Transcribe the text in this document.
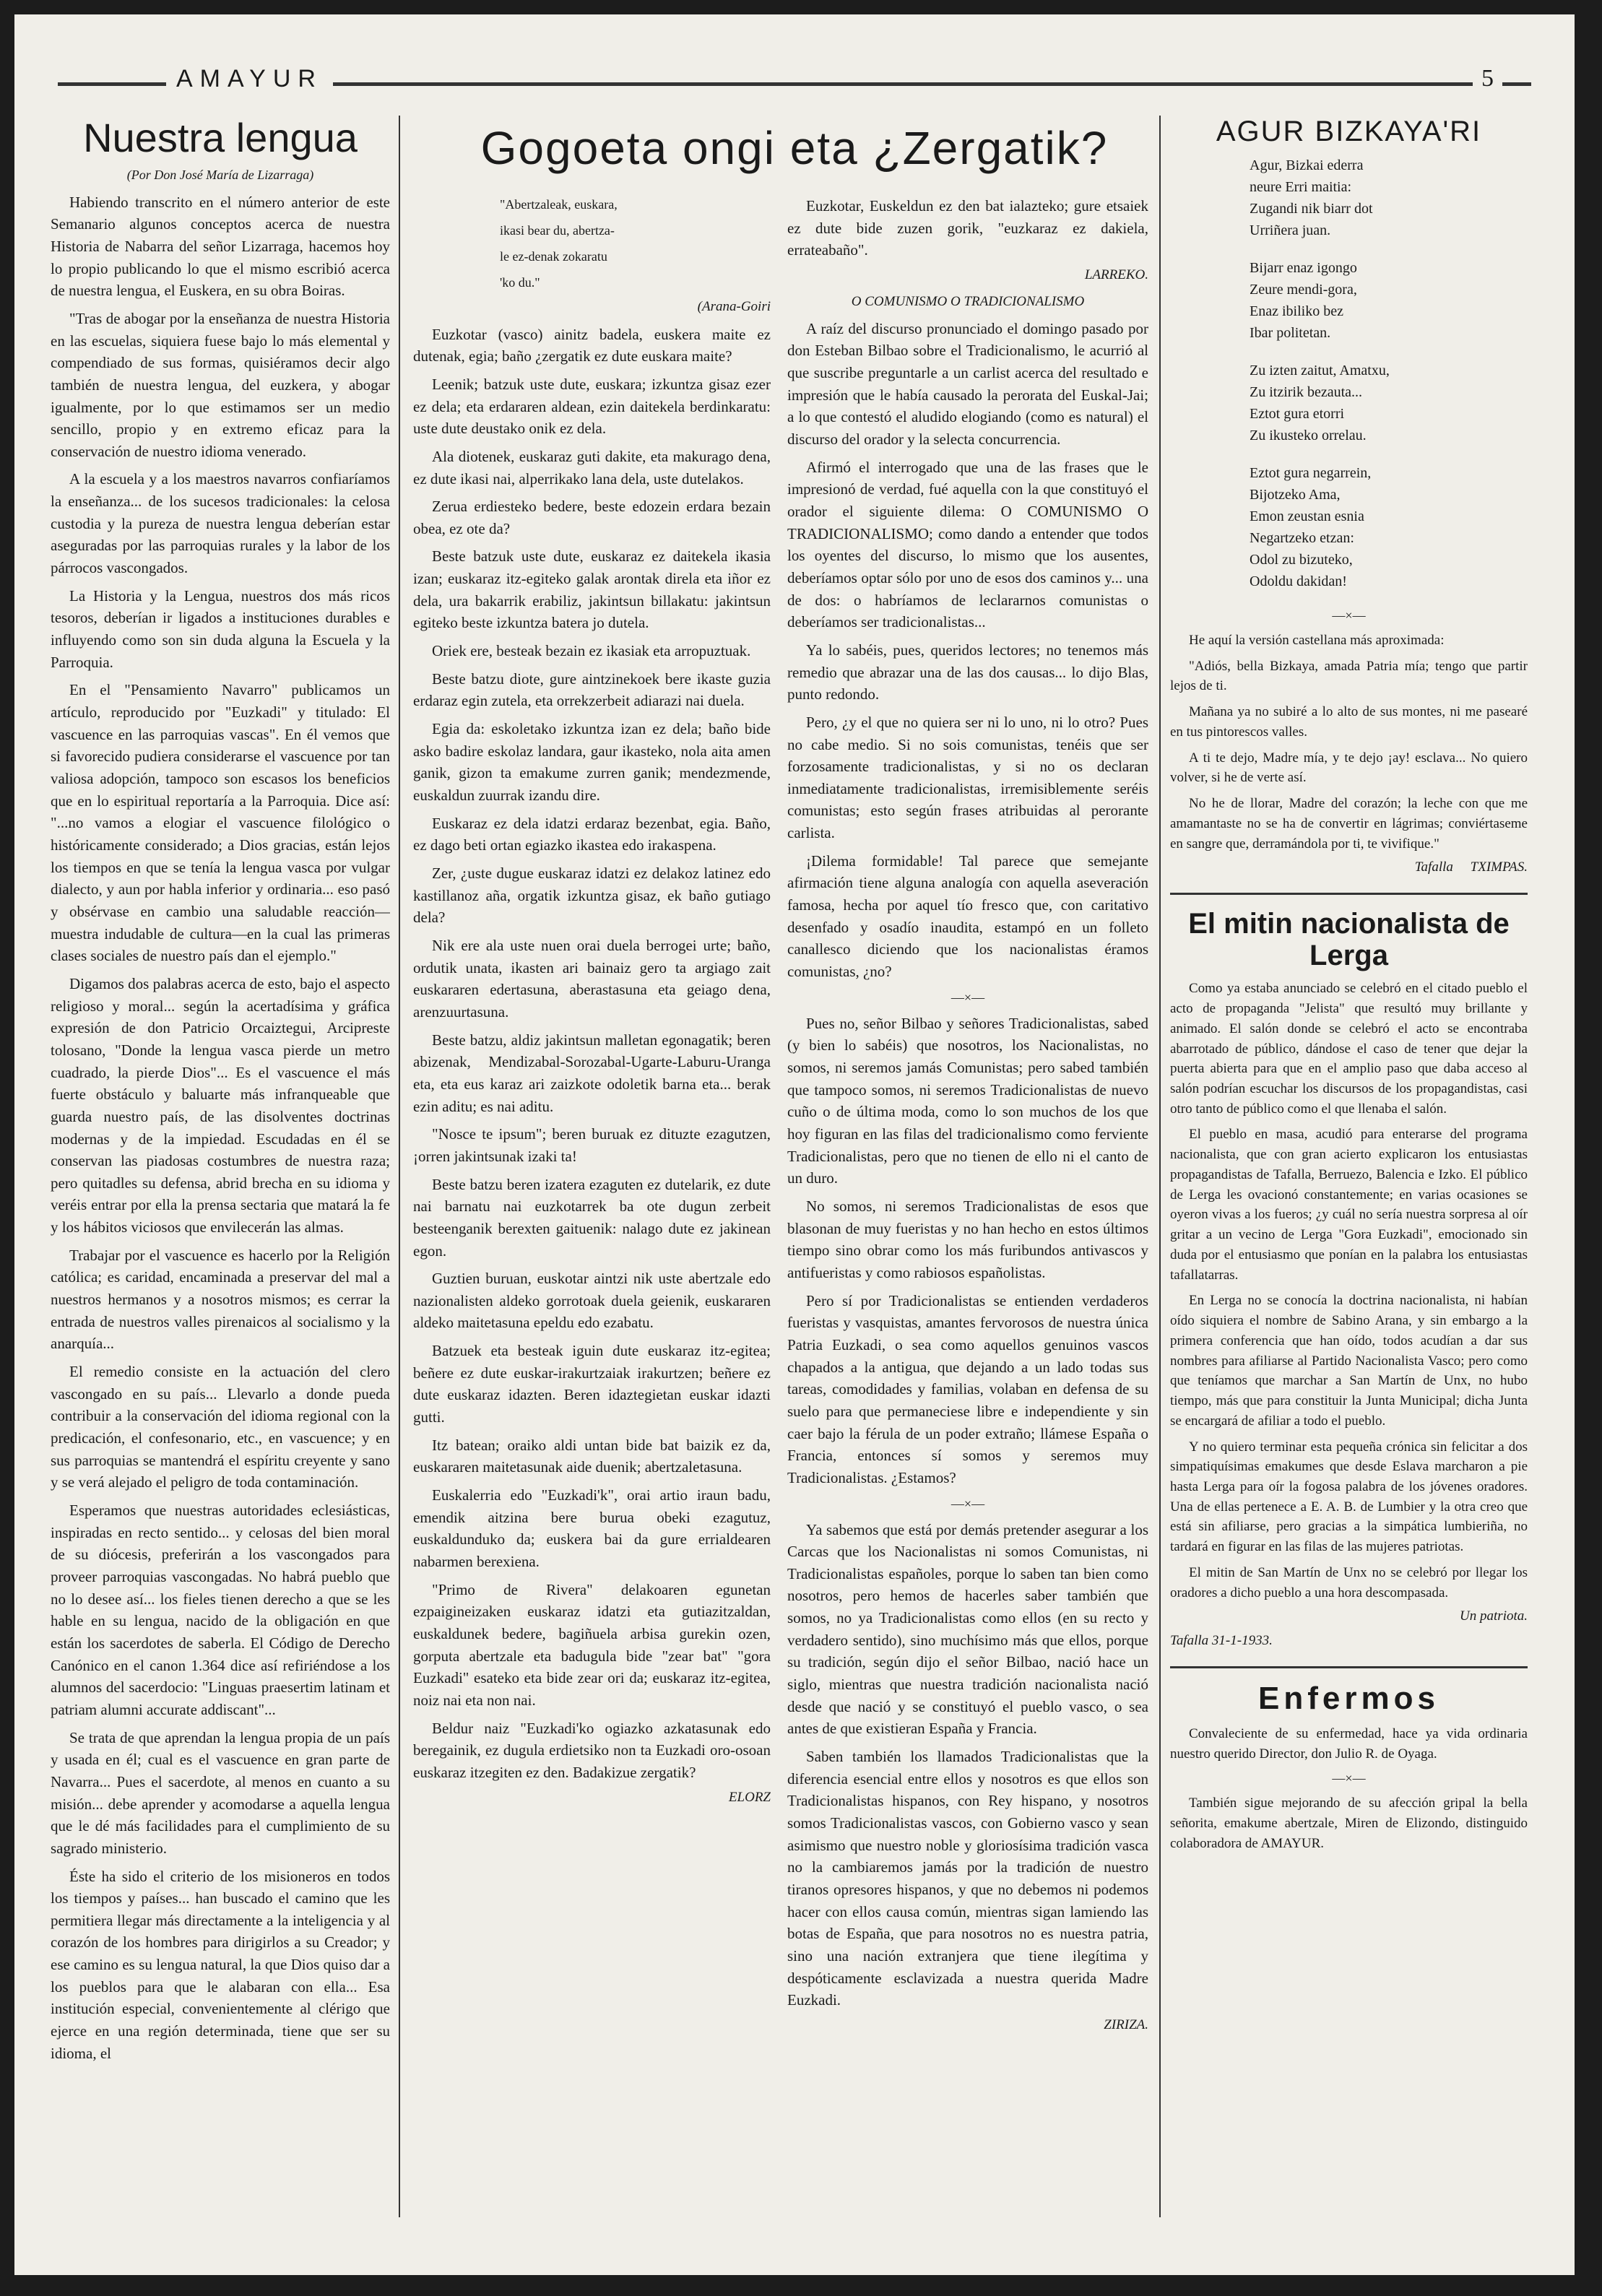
AMAYUR	5
Gogoeta ongi eta ¿Zergatik?
Nuestra lengua
(Por Don José María de Lizarraga)

Habiendo transcrito en el número anterior de este Semanario algunos conceptos acerca de nuestra Historia de Nabarra del señor Lizarraga, hacemos hoy lo propio publicando lo que el mismo escribió acerca de nuestra lengua, el Euskera, en su obra Boiras.

"Tras de abogar por la enseñanza de nuestra Historia en las escuelas, siquiera fuese bajo lo más elemental y compendiado de sus formas, quisiéramos decir algo también de nuestra lengua, del euzkera, y abogar igualmente, por lo que estimamos ser un medio sencillo, propio y en extremo eficaz para la conservación de nuestro idioma venerado.

A la escuela y a los maestros navarros confiaríamos la enseñanza... de los sucesos tradicionales: la celosa custodia y la pureza de nuestra lengua deberían estar aseguradas por las parroquias rurales y la labor de los párrocos vascongados.

La Historia y la Lengua, nuestros dos más ricos tesoros, deberían ir ligados a instituciones durables e influyendo como son sin duda alguna la Escuela y la Parroquia.

En el "Pensamiento Navarro" publicamos un artículo, reproducido por "Euzkadi" y titulado: El vascuence en las parroquias vascas". En él vemos que si favorecido pudiera considerarse el vascuence por tan valiosa adopción, tampoco son escasos los beneficios que en lo espiritual reportaría a la Parroquia. Dice así: "...no vamos a elogiar el vascuence filológico o históricamente considerado; a Dios gracias, están lejos los tiempos en que se tenía la lengua vasca por vulgar dialecto, y aun por habla inferior y ordinaria... eso pasó y obsérvase en cambio una saludable reacción—muestra indudable de cultura—en la cual las primeras clases sociales de nuestro país dan el ejemplo."

Digamos dos palabras acerca de esto, bajo el aspecto religioso y moral... según la acertadísima y gráfica expresión de don Patricio Orcaiztegui, Arcipreste tolosano, "Donde la lengua vasca pierde un metro cuadrado, la pierde Dios"... Es el vascuence el más fuerte obstáculo y baluarte más infranqueable que guarda nuestro país, de las disolventes doctrinas modernas y de la impiedad. Escudadas en él se conservan las piadosas costumbres de nuestra raza; pero quitadles su defensa, abrid brecha en su idioma y veréis entrar por ella la prensa sectaria que matará la fe y los hábitos viciosos que envilecerán las almas.

Trabajar por el vascuence es hacerlo por la Religión católica; es caridad, encaminada a preservar del mal a nuestros hermanos y a nosotros mismos; es cerrar la entrada de nuestros valles pirenaicos al socialismo y la anarquía...

El remedio consiste en la actuación del clero vascongado en su país... Llevarlo a donde pueda contribuir a la conservación del idioma regional con la predicación, el confesonario, etc., en vascuence; y en sus parroquias se mantendrá el espíritu creyente y sano y se verá alejado el peligro de toda contaminación.

Esperamos que nuestras autoridades eclesiásticas, inspiradas en recto sentido... y celosas del bien moral de su diócesis, preferirán a los vascongados para proveer parroquias vascongadas. No habrá pueblo que no lo desee así... los fieles tienen derecho a que se les hable en su lengua, nacido de la obligación en que están los sacerdotes de saberla. El Código de Derecho Canónico en el canon 1.364 dice así refiriéndose a los alumnos del sacerdocio: "Linguas praesertim latinam et patriam alumni accurate addiscant"...

Se trata de que aprendan la lengua propia de un país y usada en él; cual es el vascuence en gran parte de Navarra... Pues el sacerdote, al menos en cuanto a su misión... debe aprender y acomodarse a aquella lengua que le dé más facilidades para el cumplimiento de su sagrado ministerio.

Éste ha sido el criterio de los misioneros en todos los tiempos y países... han buscado el camino que les permitiera llegar más directamente a la inteligencia y al corazón de los hombres para dirigirlos a su Creador; y ese camino es su lengua natural, la que Dios quiso dar a los pueblos para que le alabaran con ella... Esa institución especial, convenientemente al clérigo que ejerce en una región determinada, tiene que ser su idioma, el

"Abertzaleak, euskara,
ikasi bear du, abertza-
le ez-denak zokaratu
'ko du."
(Arana-Goiri

Euzkotar (vasco) ainitz badela, euskera maite ez dutenak, egia; baño ¿zergatik ez dute euskara maite?

Leenik; batzuk uste dute, euskara; izkuntza gisaz ezer ez dela; eta erdararen aldean, ezin daitekela berdinkaratu: uste dute deustako onik ez dela.

Ala diotenek, euskaraz guti dakite, eta makurago dena, ez dute ikasi nai, alperrikako lana dela, uste dutelakos.

Zerua erdiesteko bedere, beste edozein erdara bezain obea, ez ote da?

Beste batzuk uste dute, euskaraz ez daitekela ikasia izan; euskaraz itz-egiteko galak arontak direla eta iñor ez dela, ura bakarrik erabiliz, jakintsun billakatu: jakintsun egiteko beste izkuntza batera jo dutela.

Oriek ere, besteak bezain ez ikasiak eta arropuztuak.

Beste batzu diote, gure aintzinekoek bere ikaste guzia erdaraz egin zutela, eta orrekzerbeit adiarazi nai duela.

Egia da: eskoletako izkuntza izan ez dela; baño bide asko badire eskolaz landara, gaur ikasteko, nola aita amen ganik, gizon ta emakume zurren ganik; mendezmende, euskaldun zuurrak izandu dire.

Euskaraz ez dela idatzi erdaraz bezenbat, egia. Baño, ez dago beti ortan egiazko ikastea edo irakaspena.

Zer, ¿uste dugue euskaraz idatzi ez delakoz latinez edo kastillanoz aña, orgatik izkuntza gisaz, ek baño gutiago dela?

Nik ere ala uste nuen orai duela berrogei urte; baño, ordutik unata, ikasten ari bainaiz gero ta argiago zait euskararen edertasuna, aberastasuna eta geiago dena, arenzuurtasuna.

Beste batzu, aldiz jakintsun malletan egonagatik; beren abizenak, Mendizabal-Sorozabal-Ugarte-Laburu-Uranga eta, eta eus karaz ari zaizkote odoletik barna eta... berak ezin aditu; es nai aditu.

"Nosce te ipsum"; beren buruak ez dituzte ezagutzen, ¡orren jakintsunak izaki ta!

Beste batzu beren izatera ezaguten ez dutelarik, ez dute nai barnatu nai euzkotarrek ba ote dugun zerbeit besteenganik berexten gaituenik: nalago dute ez jakinean egon.

Guztien buruan, euskotar aintzi nik uste abertzale edo nazionalisten aldeko gorrotoak duela geienik, euskararen aldeko maitetasuna epeldu edo ezabatu.

Batzuek eta besteak iguin dute euskaraz itz-egitea; beñere ez dute euskar-irakurtzaiak irakurtzen; beñere ez dute euskaraz idazten. Beren idaztegietan euskar idazti gutti.

Itz batean; oraiko aldi untan bide bat baizik ez da, euskararen maitetasunak aide duenik; abertzaletasuna.

Euskalerria edo "Euzkadi'k", orai artio iraun badu, emendik aitzina bere burua obeki ezagutuz, euskaldunduko da; euskera bai da gure errialdearen nabarmen berexiena.

"Primo de Rivera" delakoaren egunetan ezpaigineizaken euskaraz idatzi eta gutiazitzaldan, euskaldunek bedere, bagiñuela arbisa gurekin ozen, gorputa abertzale eta badugula bide "zear bat" "gora Euzkadi" esateko eta bide zear ori da; euskaraz itz-egitea, noiz nai eta non nai.

Beldur naiz "Euzkadi'ko ogiazko azkatasunak edo beregainik, ez dugula erdietsiko non ta Euzkadi oro-osoan euskaraz itzegiten ez den. Badakizue zergatik?

ELORZ

Euzkotar, Euskeldun ez den bat ialazteko; gure etsaiek ez dute bide zuzen gorik, "euzkaraz ez dakiela, errateabaño".

LARREKO.

O COMUNISMO O TRADICIONALISMO

A raíz del discurso pronunciado el domingo pasado por don Esteban Bilbao sobre el Tradicionalismo, le acurrió al que suscribe preguntarle a un carlist acerca del resultado e impresión que le había causado la perorata del Euskal-Jai; a lo que contestó el aludido elogiando (como es natural) el discurso del orador y la selecta concurrencia.

Afirmó el interrogado que una de las frases que le impresionó de verdad, fué aquella con la que constituyó el orador el siguiente dilema: O COMUNISMO O TRADICIONALISMO; como dando a entender que todos los oyentes del discurso, lo mismo que los ausentes, deberíamos optar sólo por uno de esos dos caminos y... una de dos: o habríamos de leclararnos comunistas o deberíamos ser tradicionalistas...

Ya lo sabéis, pues, queridos lectores; no tenemos más remedio que abrazar una de las dos causas... lo dijo Blas, punto redondo.

Pero, ¿y el que no quiera ser ni lo uno, ni lo otro? Pues no cabe medio. Si no sois comunistas, tenéis que ser forzosamente tradicionalistas, y si no os declaran inmediatamente tradicionalistas, irremisiblemente seréis comunistas; esto según frases atribuidas al perorante carlista.

¡Dilema formidable! Tal parece que semejante afirmación tiene alguna analogía con aquella aseveración famosa, hecha por aquel tío fresco que, con caritativo desenfado y osadío inaudita, estampó en un folleto canallesco diciendo que los nacionalistas éramos comunistas, ¿no?

—×—

Pues no, señor Bilbao y señores Tradicionalistas, sabed (y bien lo sabéis) que nosotros, los Nacionalistas, no somos, ni seremos jamás Comunistas; pero sabed también que tampoco somos, ni seremos Tradicionalistas de nuevo cuño o de última moda, como lo son muchos de los que hoy figuran en las filas del tradicionalismo como ferviente Tradicionalistas, pero que no tienen de ello ni el canto de un duro.

No somos, ni seremos Tradicionalistas de esos que blasonan de muy fueristas y no han hecho en estos últimos tiempo sino obrar como los más furibundos antivascos y antifueristas y como rabiosos españolistas.

Pero sí por Tradicionalistas se entienden verdaderos fueristas y vasquistas, amantes fervorosos de nuestra única Patria Euzkadi, o sea como aquellos genuinos vascos chapados a la antigua, que dejando a un lado todas sus tareas, comodidades y familias, volaban en defensa de su suelo para que permaneciese libre e independiente y sin caer bajo la férula de un poder extraño; llámese España o Francia, entonces sí somos y seremos muy Tradicionalistas. ¿Estamos?

—×—

Ya sabemos que está por demás pretender asegurar a los Carcas que los Nacionalistas ni somos Comunistas, ni Tradicionalistas españoles, porque lo saben tan bien como nosotros, pero hemos de hacerles saber también que somos, no ya Tradicionalistas como ellos (en su recto y verdadero sentido), sino muchísimo más que ellos, porque su tradición, según dijo el señor Bilbao, nació hace un siglo, mientras que nuestra tradición nacionalista nació desde que nació y se constituyó el pueblo vasco, o sea antes de que existieran España y Francia.

Saben también los llamados Tradicionalistas que la diferencia esencial entre ellos y nosotros es que ellos son Tradicionalistas hispanos, con Rey hispano, y nosotros somos Tradicionalistas vascos, con Gobierno vasco y sean asimismo que nuestro noble y gloriosísima tradición vasca no la cambiaremos jamás por la tradición de nuestro tiranos opresores hispanos, y que no debemos ni podemos hacer con ellos causa común, mientras sigan lamiendo las botas de España, que para nosotros no es nuestra patria, sino una nación extranjera que tiene ilegítima y despóticamente esclavizada a nuestra querida Madre Euzkadi.

ZIRIZA.
AGUR BIZKAYA'RI

Agur, Bizkai ederra

neure Erri maitia:

Zugandi nik biarr dot

Urriñera juan.

Bijarr enaz igongo

Zeure mendi-gora,

Enaz ibiliko bez

Ibar politetan.

Zu izten zaitut, Amatxu,

Zu itzirik bezauta...

Eztot gura etorri

Zu ikusteko orrelau.

Eztot gura negarrein,

Bijotzeko Ama,

Emon zeustan esnia

Negartzeko etzan:

Odol zu bizuteko,

Odoldu dakidan!

—×—

He aquí la versión castellana más aproximada:

"Adiós, bella Bizkaya, amada Patria mía; tengo que partir lejos de ti.

Mañana ya no subiré a lo alto de sus montes, ni me pasearé en tus pintorescos valles.

A ti te dejo, Madre mía, y te dejo ¡ay! esclava... No quiero volver, si he de verte así.

No he de llorar, Madre del corazón; la leche con que me amamantaste no se ha de convertir en lágrimas; conviértaseme en sangre que, derramándola por ti, te vivifique."

Tafalla TXIMPAS.
El mitin nacionalista de Lerga

Como ya estaba anunciado se celebró en el citado pueblo el acto de propaganda "Jelista" que resultó muy brillante y animado. El salón donde se celebró el acto se encontraba abarrotado de público, dándose el caso de tener que dejar la puerta abierta para que en el amplio paso que daba acceso al salón podrían escuchar los discursos de los propagandistas, casi otro tanto de público como el que llenaba el salón.

El pueblo en masa, acudió para enterarse del programa nacionalista, que con gran acierto explicaron los entusiastas propagandistas de Tafalla, Berruezo, Balencia e Izko. El público de Lerga les ovacionó constantemente; en varias ocasiones se oyeron vivas a los fueros; ¿y cuál no sería nuestra sorpresa al oír gritar a un vecino de Lerga "Gora Euzkadi", emocionado sin duda por el entusiasmo que ponían en la palabra los entusiastas tafallatarras.

En Lerga no se conocía la doctrina nacionalista, ni habían oído siquiera el nombre de Sabino Arana, y sin embargo a la primera conferencia que han oído, todos acudían a dar sus nombres para afiliarse al Partido Nacionalista Vasco; pero como que teníamos que marchar a San Martín de Unx, no hubo tiempo, más que para constituir la Junta Municipal; dicha Junta se encargará de afiliar a todo el pueblo.

Y no quiero terminar esta pequeña crónica sin felicitar a dos simpatiquísimas emakumes que desde Eslava marcharon a pie hasta Lerga para oír la fogosa palabra de los jóvenes oradores. Una de ellas pertenece a E. A. B. de Lumbier y la otra creo que está sin afiliarse, pero gracias a la simpática lumbieriña, no tardará en figurar en las filas de las mujeres patriotas.

El mitin de San Martín de Unx no se celebró por llegar los oradores a dicho pueblo a una hora descompasada.

Un patriota.
Tafalla 31-1-1933.
Enfermos

Convaleciente de su enfermedad, hace ya vida ordinaria nuestro querido Director, don Julio R. de Oyaga.

—×—

También sigue mejorando de su afección gripal la bella señorita, emakume abertzale, Miren de Elizondo, distinguido colaboradora de AMAYUR.
